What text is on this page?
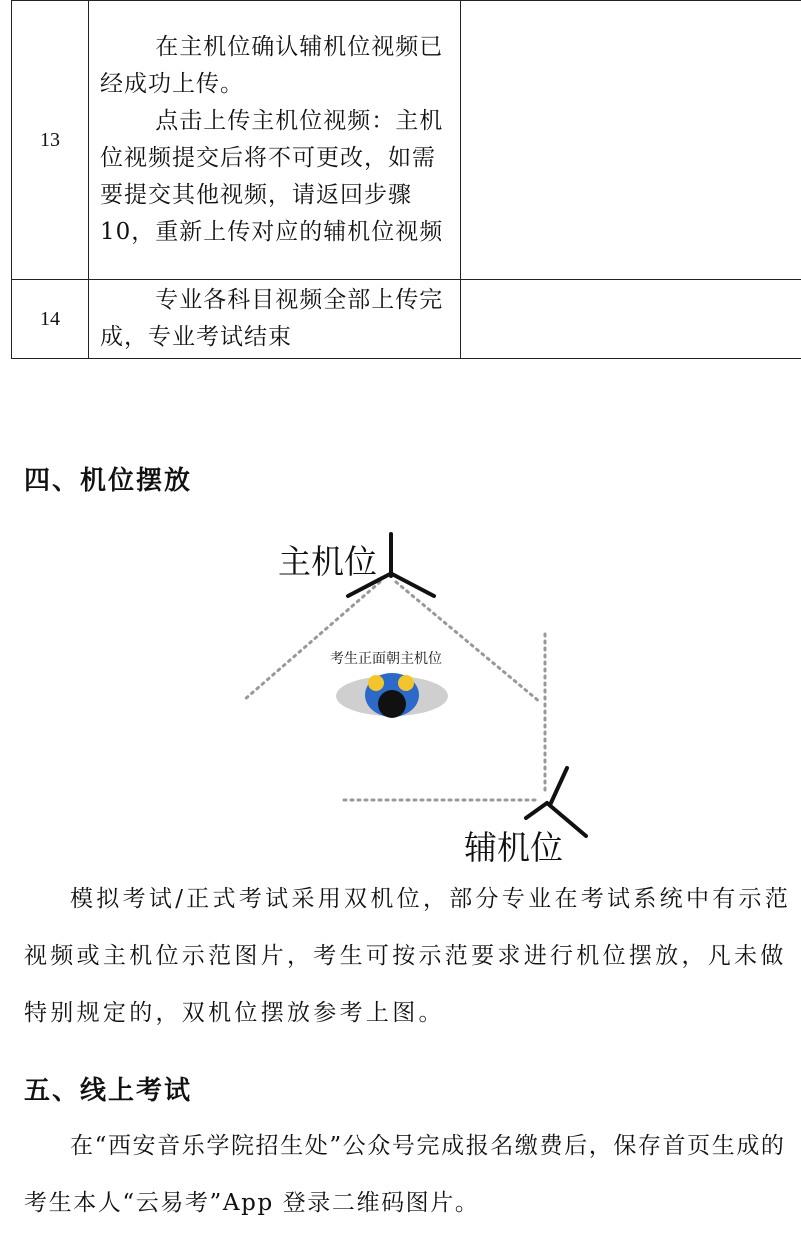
13	在主机位确认辅机位视频已经成功上传。

点击上传主机位视频：主机位视频提交后将不可更改，如需要提交其他视频，请返回步骤 10，重新上传对应的辅机位视频	

14	专业各科目视频全部上传完成，专业考试结束	

四、机位摆放
主机位
考生正面朝主机位
辅机位

模拟考试/正式考试采用双机位，部分专业在考试系统中有示范视频或主机位示范图片，考生可按示范要求进行机位摆放，凡未做特别规定的，双机位摆放参考上图。

五、线上考试

在“西安音乐学院招生处”公众号完成报名缴费后，保存首页生成的考生本人“云易考”App 登录二维码图片。
